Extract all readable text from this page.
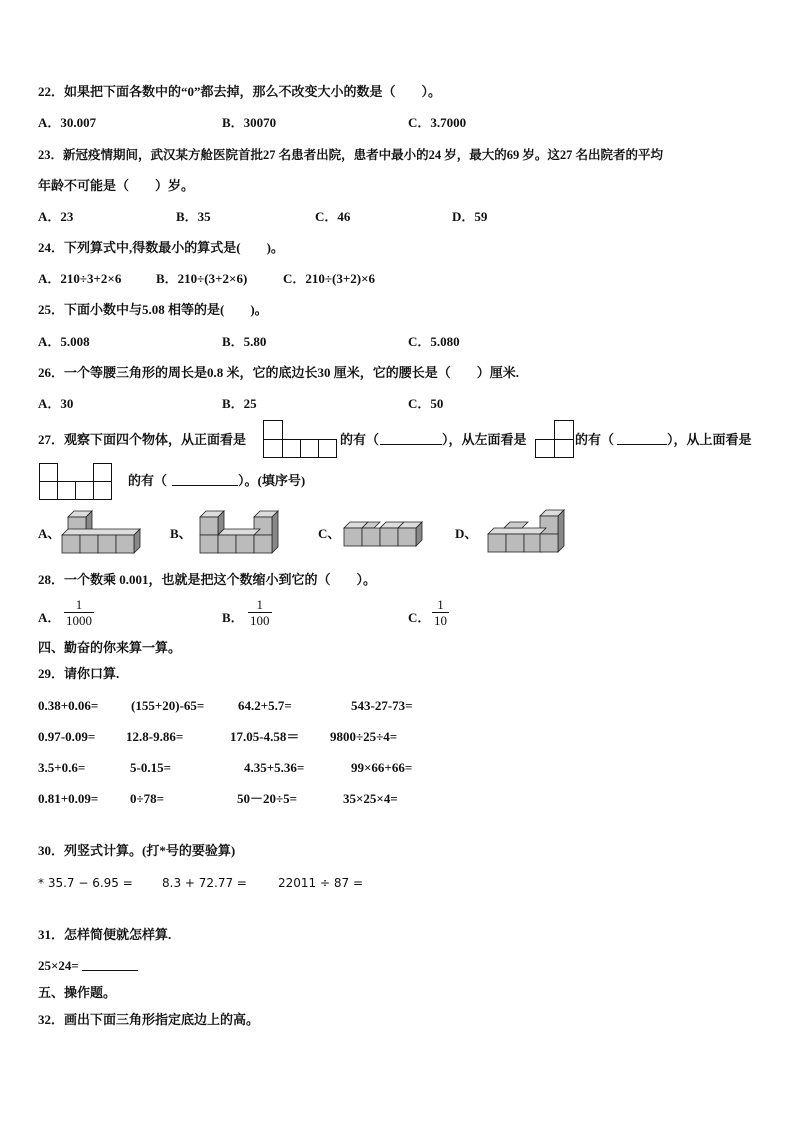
22．如果把下面各数中的“0”都去掉，那么不改变大小的数是（　　）。
A．30.007	B．30070	C．3.7000
23．新冠疫情期间，武汉某方舱医院首批27 名患者出院，患者中最小的24 岁，最大的69 岁。这27 名出院者的平均
年龄不可能是（　　）岁。
A．23	B．35	C．46	D．59
24．下列算式中,得数最小的算式是(　　)。
A．210÷3+2×6	B．210÷(3+2×6)	C．210÷(3+2)×6
25．下面小数中与5.08 相等的是(　　)。
A．5.008	B．5.80	C．5.080
26．一个等腰三角形的周长是0.8 米，它的底边长30 厘米，它的腰长是（　　）厘米.
A．30	B．25	C．50
27．观察下面四个物体，从正面看是	的有（	），从左面看是	的有（	），从上面看是
的有（	）。(填序号)
A、	B、	C、	D、
28．一个数乘 0.001，也就是把这个数缩小到它的（　　）。
A． $\frac{1}{1000}$	B． $\frac{1}{100}$	C． $\frac{1}{10}$
四、勤奋的你来算一算。
29．请你口算.
0.38+0.06=	(155+20)-65=	64.2+5.7=	543-27-73=
0.97-0.09= 12.8-9.86=	17.05-4.58＝ 9800÷25÷4=
3.5+0.6=	5-0.15=	4.35+5.36=	99×66+66=
0.81+0.09= 0÷78=	50－20÷5=	35×25×4=
30．列竖式计算。(打*号的要验算)
* 35.7 − 6.95 = 8.3 + 72.77 =	22011 ÷ 87 =
31．怎样简便就怎样算.
25×24=
五、操作题。
32．画出下面三角形指定底边上的高。
